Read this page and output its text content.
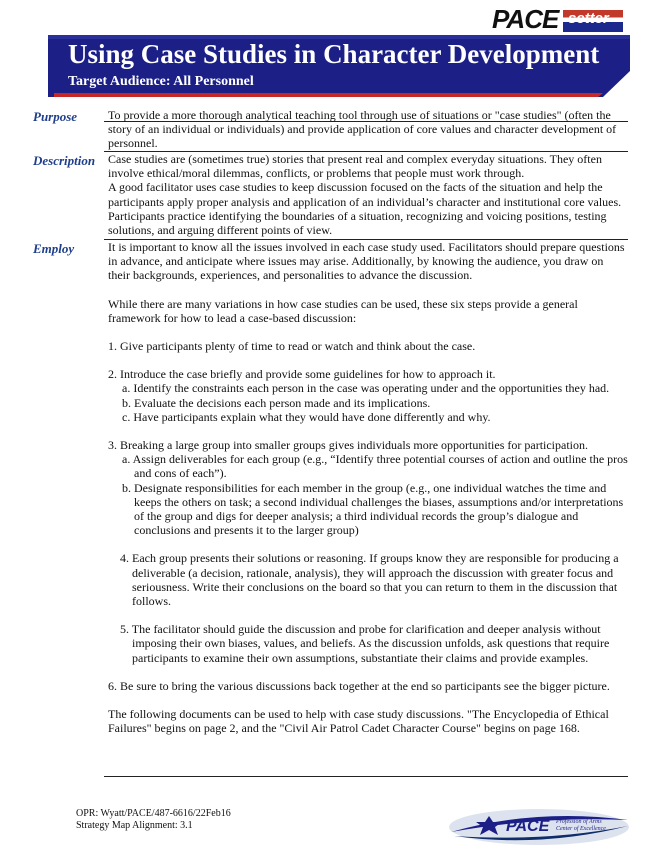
PACE setter
Using Case Studies in Character Development
Target Audience: All Personnel
Purpose	To provide a more thorough analytical teaching tool through use of situations or "case studies" (often the story of an individual or individuals) and provide application of core values and character development of personnel.

Description Case studies are (sometimes true) stories that present real and complex everyday situations. They often involve ethical/moral dilemmas, conflicts, or problems that people must work through.

A good facilitator uses case studies to keep discussion focused on the facts of the situation and help the participants apply proper analysis and application of an individual’s character and institutional core values. Participants practice identifying the boundaries of a situation, recognizing and voicing positions, testing solutions, and arguing different points of view.

Employ	It is important to know all the issues involved in each case study used. Facilitators should prepare questions in advance, and anticipate where issues may arise. Additionally, by knowing the audience, you draw on their backgrounds, experiences, and personalities to advance the discussion.

While there are many variations in how case studies can be used, these six steps provide a general framework for how to lead a case-based discussion:

1. Give participants plenty of time to read or watch and think about the case.

2. Introduce the case briefly and provide some guidelines for how to approach it.

a. Identify the constraints each person in the case was operating under and the opportunities they had.

b. Evaluate the decisions each person made and its implications.

c. Have participants explain what they would have done differently and why.

3. Breaking a large group into smaller groups gives individuals more opportunities for participation.

a. Assign deliverables for each group (e.g., “Identify three potential courses of action and outline the pros and cons of each”).

b. Designate responsibilities for each member in the group (e.g., one individual watches the time and keeps the others on task; a second individual challenges the biases, assumptions and/or interpretations of the group and digs for deeper analysis; a third individual records the group’s dialogue and conclusions and presents it to the larger group)

4. Each group presents their solutions or reasoning. If groups know they are responsible for producing a deliverable (a decision, rationale, analysis), they will approach the discussion with greater focus and seriousness. Write their conclusions on the board so that you can return to them in the discussion that follows.

5. The facilitator should guide the discussion and probe for clarification and deeper analysis without imposing their own biases, values, and beliefs. As the discussion unfolds, ask questions that require participants to examine their own assumptions, substantiate their claims and provide examples.

6. Be sure to bring the various discussions back together at the end so participants see the bigger picture.

The following documents can be used to help with case study discussions. "The Encyclopedia of Ethical Failures" begins on page 2, and the "Civil Air Patrol Cadet Character Course" begins on page 168.

OPR: Wyatt/PACE/487-6616/22Feb16
Strategy Map Alignment: 3.1	PACE Profession of Arms
Center of Excellence
